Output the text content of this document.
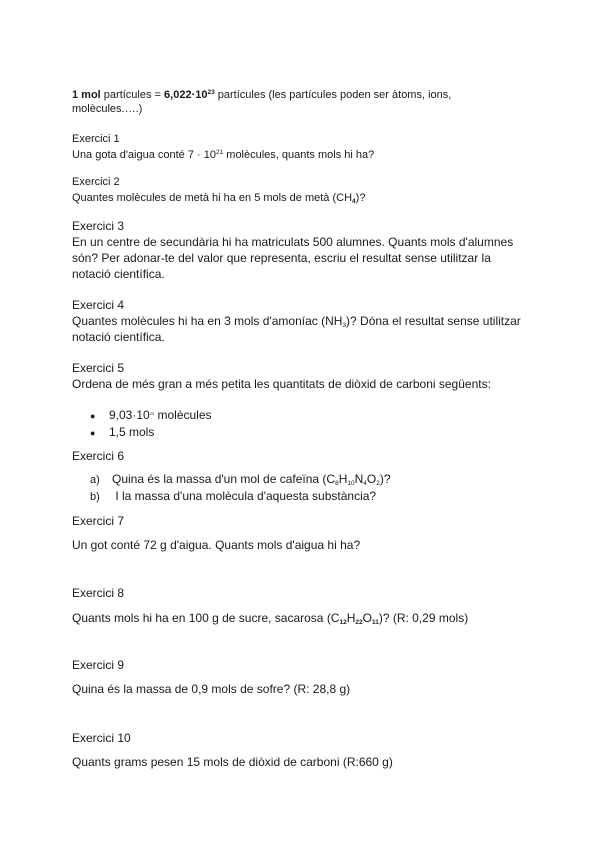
1 mol partícules = $6,022\cdot 10^{23}$ partícules (les partícules poden ser àtoms, ions,
molècules.….)
Exercici 1
Una gota d'aigua conté $7 \cdot 10^{21}$ molècules, quants mols hi ha?
Exercici 2
Quantes molècules de metà hi ha en 5 mols de metà $(CH_4)$?
Exercici 3
En un centre de secundària hi ha matriculats 500 alumnes. Quants mols d'alumnes
són? Per adonar-te del valor que representa, escriu el resultat sense utilitzar la
notació científica.
Exercici 4
Quantes molècules hi ha en 3 mols d'amoníac $(NH_3)$? Dóna el resultat sense utilitzar
notació científica.
Exercici 5
Ordena de més gran a més petita les quantitats de diòxid de carboni següents:
● $9,03\cdot 10^{23}$ molècules
● 1,5 mols
Exercici 6
a) Quina és la massa d'un mol de cafeïna $(C_8H_{10}N_4O_2)$?
b) I la massa d'una molècula d'aquesta substància?
Exercici 7
Un got conté 72 g d'aigua. Quants mols d'aigua hi ha?
Exercici 8
Quants mols hi ha en 100 g de sucre, sacarosa $(C_{12}H_{22}O_{11})$? (R: 0,29 mols)
Exercici 9
Quina és la massa de 0,9 mols de sofre? (R: 28,8 g)
Exercici 10
Quants grams pesen 15 mols de diòxid de carboni (R:660 g)
